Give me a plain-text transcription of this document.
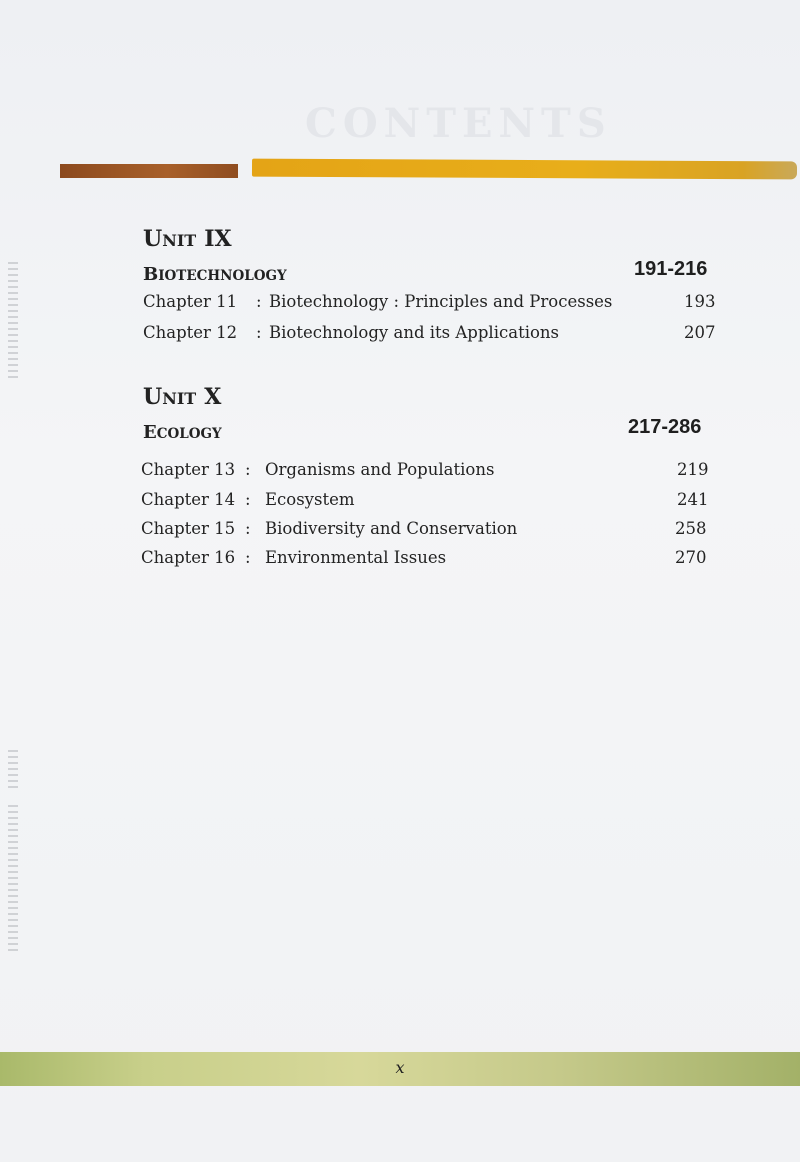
CONTENTS
UNIT IX
BIOTECHNOLOGY	191-216
Chapter 11 : Biotechnology : Principles and Processes	193
Chapter 12 : Biotechnology and its Applications	207
UNIT X
ECOLOGY	217-286
Chapter 13 : Organisms and Populations	219
Chapter 14 : Ecosystem	241
Chapter 15 : Biodiversity and Conservation	258
Chapter 16 : Environmental Issues	270
x
